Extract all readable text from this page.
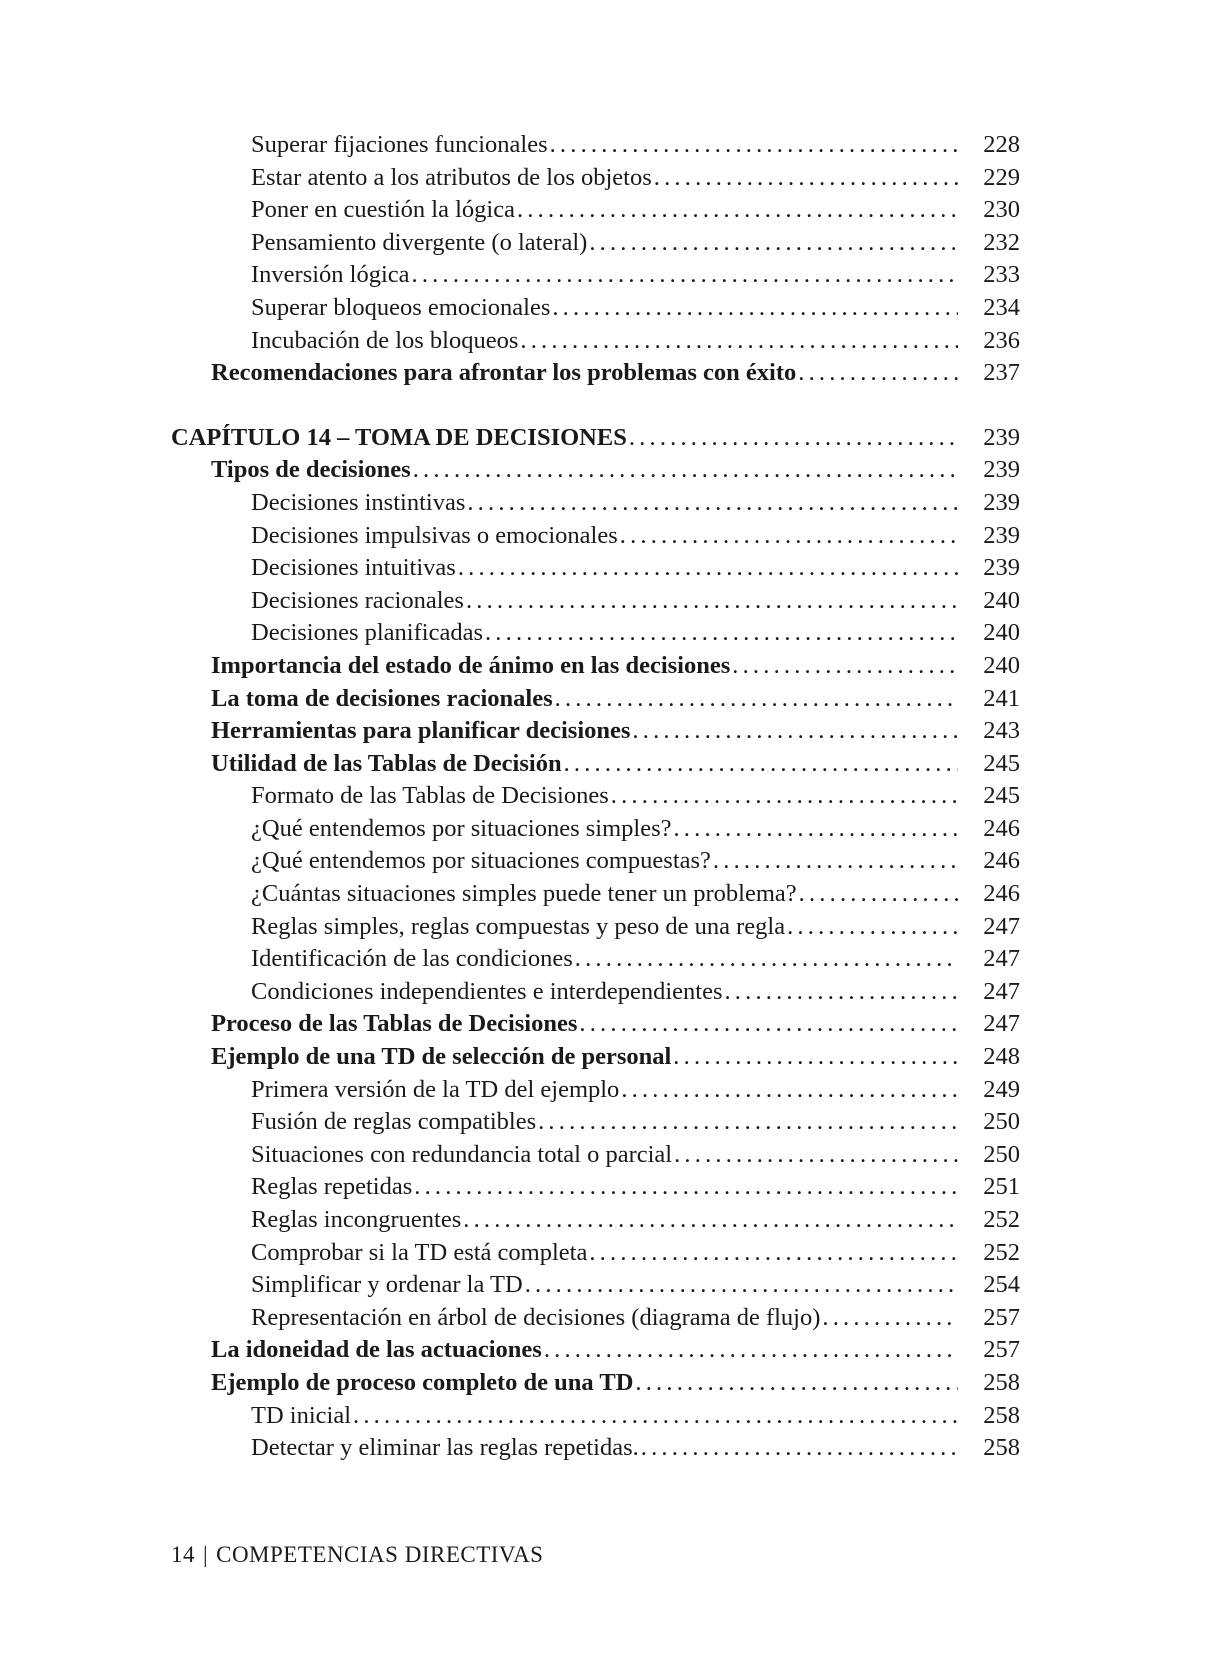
Superar fijaciones funcionales .....	228
Estar atento a los atributos de los objetos .....	229
Poner en cuestión la lógica .....	230
Pensamiento divergente (o lateral) .....	232
Inversión lógica .....	233
Superar bloqueos emocionales .....	234
Incubación de los bloqueos .....	236
Recomendaciones para afrontar los problemas con éxito .....	237
CAPÍTULO 14 – TOMA DE DECISIONES .....	239
Tipos de decisiones .....	239
Decisiones instintivas .....	239
Decisiones impulsivas o emocionales .....	239
Decisiones intuitivas .....	239
Decisiones racionales .....	240
Decisiones planificadas .....	240
Importancia del estado de ánimo en las decisiones .....	240
La toma de decisiones racionales .....	241
Herramientas para planificar decisiones .....	243
Utilidad de las Tablas de Decisión .....	245
Formato de las Tablas de Decisiones .....	245
¿Qué entendemos por situaciones simples? .....	246
¿Qué entendemos por situaciones compuestas? .....	246
¿Cuántas situaciones simples puede tener un problema? .....	246
Reglas simples, reglas compuestas y peso de una regla .....	247
Identificación de las condiciones .....	247
Condiciones independientes e interdependientes .....	247
Proceso de las Tablas de Decisiones .....	247
Ejemplo de una TD de selección de personal .....	248
Primera versión de la TD del ejemplo .....	249
Fusión de reglas compatibles .....	250
Situaciones con redundancia total o parcial .....	250
Reglas repetidas .....	251
Reglas incongruentes .....	252
Comprobar si la TD está completa .....	252
Simplificar y ordenar la TD .....	254
Representación en árbol de decisiones (diagrama de flujo) .....	257
La idoneidad de las actuaciones .....	257
Ejemplo de proceso completo de una TD .....	258
TD inicial .....	258
Detectar y eliminar las reglas repetidas. .....	258
14 | COMPETENCIAS DIRECTIVAS
